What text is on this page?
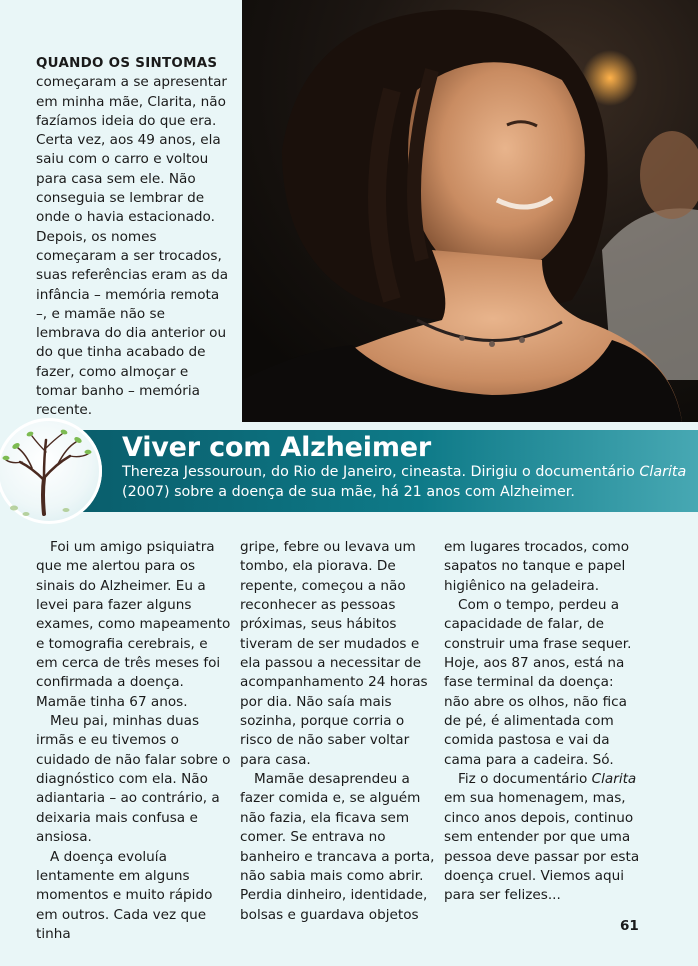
QUANDO OS SINTOMAS
começaram a se apresentar em minha mãe, Clarita, não fazíamos ideia do que era. Certa vez, aos 49 anos, ela saiu com o carro e voltou para casa sem ele. Não conseguia se lembrar de onde o havia estacionado. Depois, os nomes começaram a ser trocados, suas referências eram as da infância – memória remota –, e mamãe não se lembrava do dia anterior ou do que tinha acabado de fazer, como almoçar e tomar banho – memória recente.

Viver com Alzheimer
Thereza Jessouroun, do Rio de Janeiro, cineasta. Dirigiu o documentário Clarita (2007) sobre a doença de sua mãe, há 21 anos com Alzheimer.

Foi um amigo psiquiatra que me alertou para os sinais do Alzheimer. Eu a levei para fazer alguns exames, como mapeamento e tomografia cerebrais, e em cerca de três meses foi confirmada a doença. Mamãe tinha 67 anos.

Meu pai, minhas duas irmãs e eu tivemos o cuidado de não falar sobre o diagnóstico com ela. Não adiantaria – ao contrário, a deixaria mais confusa e ansiosa.

A doença evoluía lentamente em alguns momentos e muito rápido em outros. Cada vez que tinha

gripe, febre ou levava um tombo, ela piorava. De repente, começou a não reconhecer as pessoas próximas, seus hábitos tiveram de ser mudados e ela passou a necessitar de acompanhamento 24 horas por dia. Não saía mais sozinha, porque corria o risco de não saber voltar para casa.

Mamãe desaprendeu a fazer comida e, se alguém não fazia, ela ficava sem comer. Se entrava no banheiro e trancava a porta, não sabia mais como abrir. Perdia dinheiro, identidade, bolsas e guardava objetos

em lugares trocados, como sapatos no tanque e papel higiênico na geladeira.

Com o tempo, perdeu a capacidade de falar, de construir uma frase sequer. Hoje, aos 87 anos, está na fase terminal da doença: não abre os olhos, não fica de pé, é alimentada com comida pastosa e vai da cama para a cadeira. Só.

Fiz o documentário Clarita em sua homenagem, mas, cinco anos depois, continuo sem entender por que uma pessoa deve passar por esta doença cruel. Viemos aqui para ser felizes...

61
